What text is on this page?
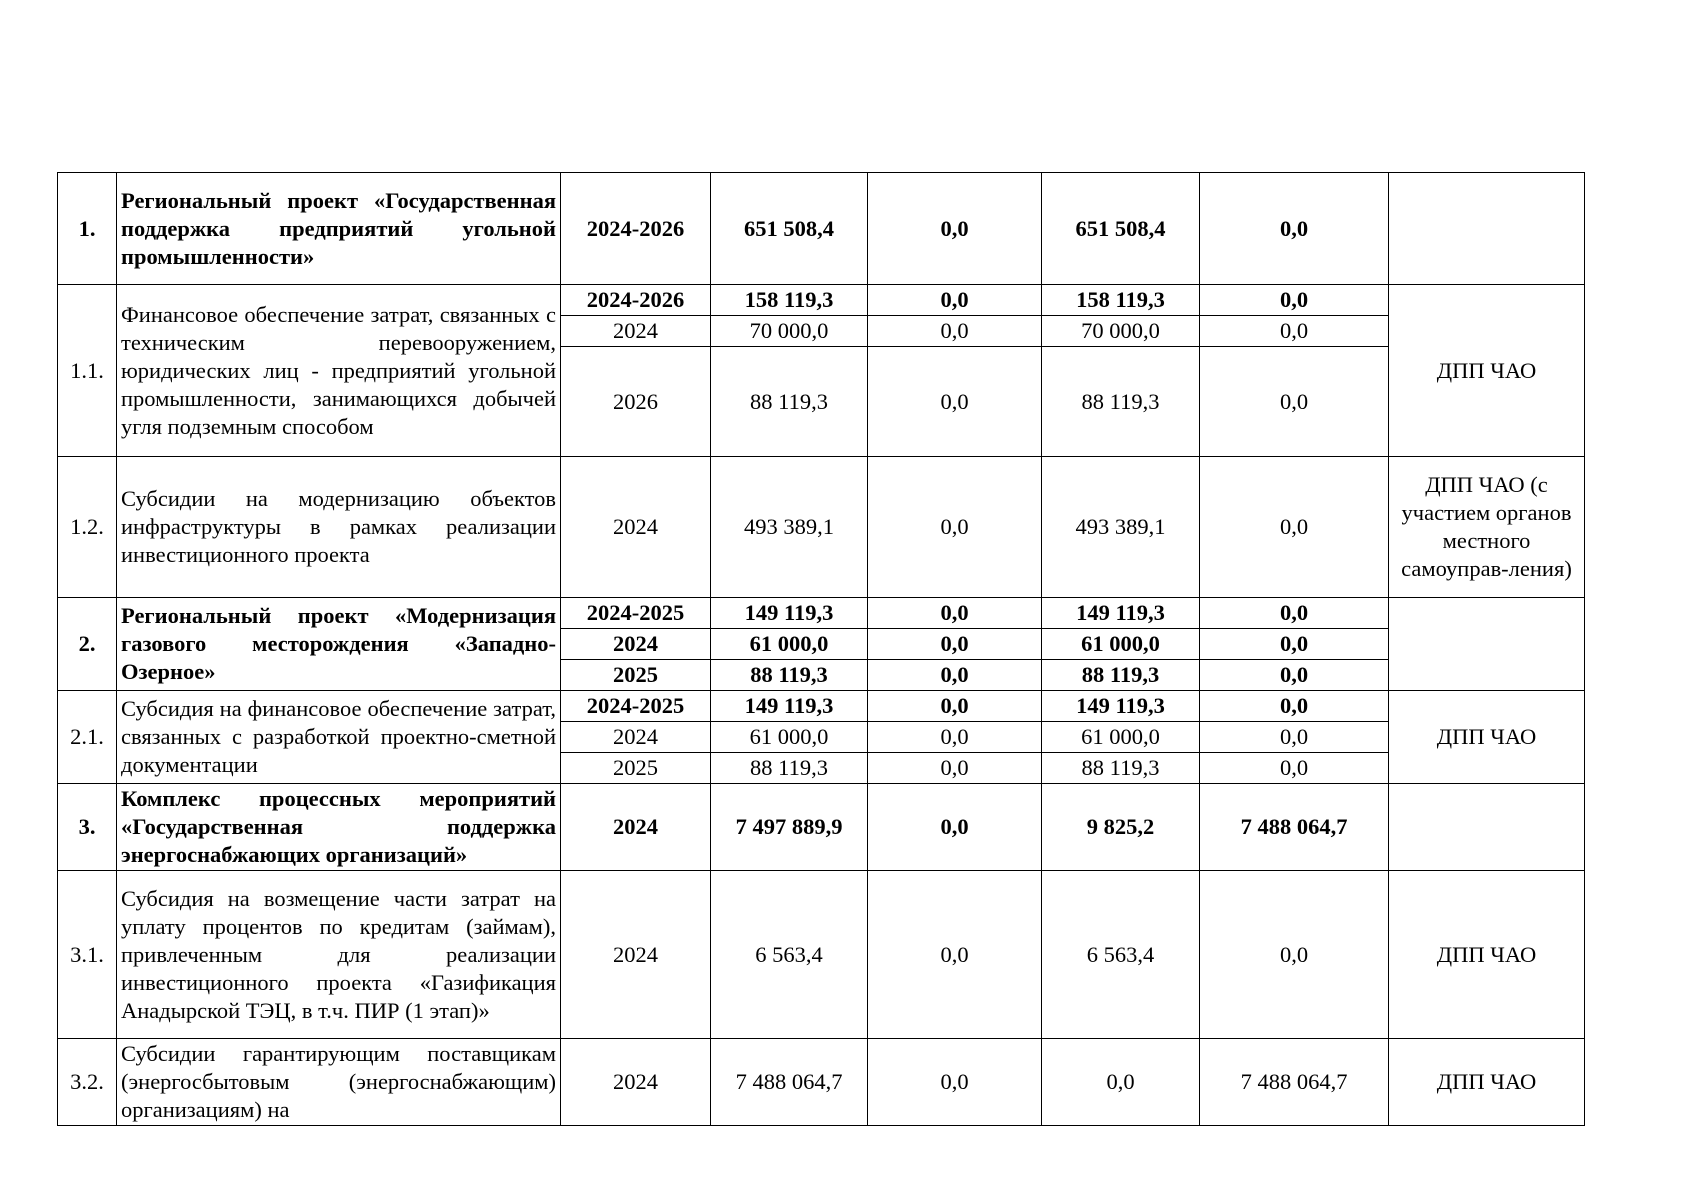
1.	Региональный проект «Государственная поддержка предприятий угольной промышленности»	2024-2026	651 508,4	0,0	651 508,4	0,0	
1.1.	Финансовое обеспечение затрат, связанных с техническим перевооружением, юридических лиц - предприятий угольной промышленности, занимающихся добычей угля подземным способом	2024-2026	158 119,3	0,0	158 119,3	0,0	ДПП ЧАО
		2024	70 000,0	0,0	70 000,0	0,0	
		2026	88 119,3	0,0	88 119,3	0,0	
1.2.	Субсидии на модернизацию объектов инфраструктуры в рамках реализации инвестиционного проекта	2024	493 389,1	0,0	493 389,1	0,0	ДПП ЧАО (с участием органов местного самоуправ-ления)
2.	Региональный проект «Модернизация газового месторождения «Западно-Озерное»	2024-2025	149 119,3	0,0	149 119,3	0,0	
		2024	61 000,0	0,0	61 000,0	0,0	
		2025	88 119,3	0,0	88 119,3	0,0	
2.1.	Субсидия на финансовое обеспечение затрат, связанных с разработкой проектно-сметной документации	2024-2025	149 119,3	0,0	149 119,3	0,0	ДПП ЧАО
		2024	61 000,0	0,0	61 000,0	0,0	
		2025	88 119,3	0,0	88 119,3	0,0	
3.	Комплекс процессных мероприятий «Государственная поддержка энергоснабжающих организаций»	2024	7 497 889,9	0,0	9 825,2	7 488 064,7	
3.1.	Субсидия на возмещение части затрат на уплату процентов по кредитам (займам), привлеченным для реализации инвестиционного проекта «Газификация Анадырской ТЭЦ, в т.ч. ПИР (1 этап)»	2024	6 563,4	0,0	6 563,4	0,0	ДПП ЧАО
3.2.	Субсидии гарантирующим поставщикам (энергосбытовым (энергоснабжающим) организациям) на	2024	7 488 064,7	0,0	0,0	7 488 064,7	ДПП ЧАО
